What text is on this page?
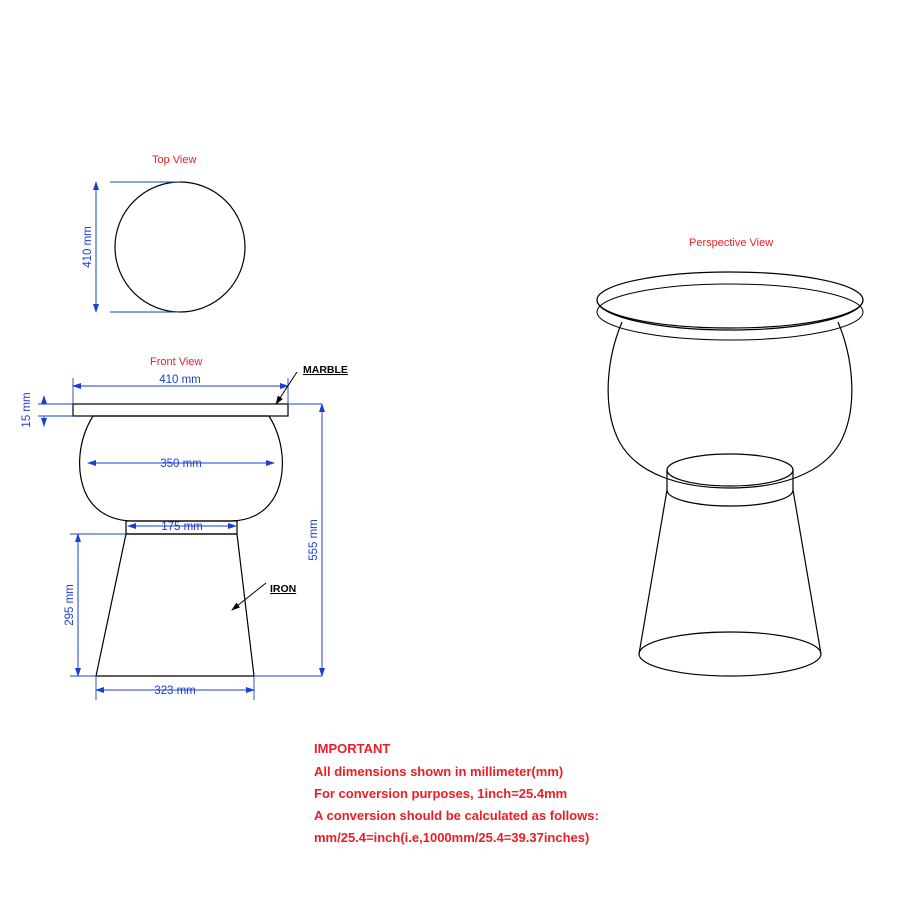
Top View
410 mm
Front View
410 mm
15 mm
350 mm
175 mm
295 mm
323 mm
555 mm
MARBLE
IRON
Perspective View
IMPORTANT
All dimensions shown in millimeter(mm)
For conversion purposes, 1inch=25.4mm
A conversion should be calculated as follows:
mm/25.4=inch(i.e,1000mm/25.4=39.37inches)
